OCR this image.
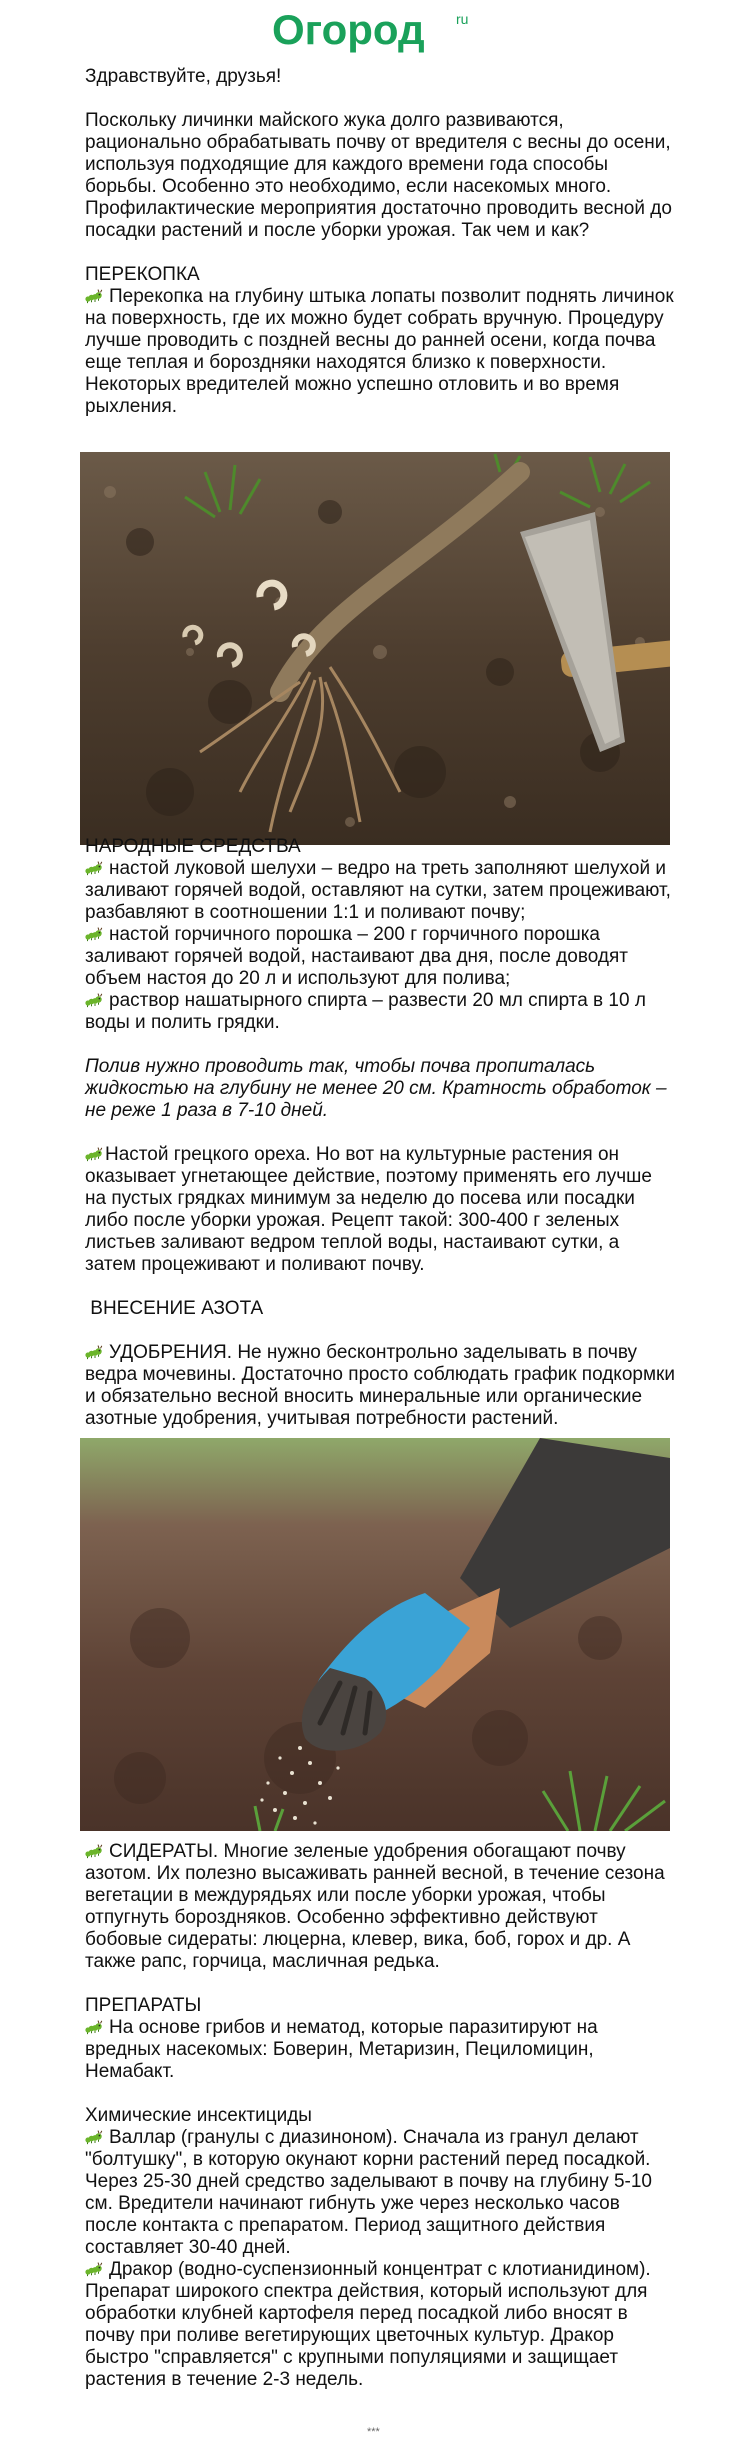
Огород ru

Здравствуйте, друзья!

Поскольку личинки майского жука долго развиваются, рационально обрабатывать почву от вредителя с весны до осени, используя подходящие для каждого времени года способы борьбы. Особенно это необходимо, если насекомых много. Профилактические мероприятия достаточно проводить весной до посадки растений и после уборки урожая. Так чем и как?

ПЕРЕКОПКА

Перекопка на глубину штыка лопаты позволит поднять личинок на поверхность, где их можно будет собрать вручную. Процедуру лучше проводить с поздней весны до ранней осени, когда почва еще теплая и бороздняки находятся близко к поверхности. Некоторых вредителей можно успешно отловить и во время рыхления.

НАРОДНЫЕ СРЕДСТВА

настой луковой шелухи – ведро на треть заполняют шелухой и заливают горячей водой, оставляют на сутки, затем процеживают, разбавляют в соотношении 1:1 и поливают почву;

настой горчичного порошка – 200 г горчичного порошка заливают горячей водой, настаивают два дня, после доводят объем настоя до 20 л и используют для полива;

раствор нашатырного спирта – развести 20 мл спирта в 10 л воды и полить грядки.

Полив нужно проводить так, чтобы почва пропиталась жидкостью на глубину не менее 20 см. Кратность обработок – не реже 1 раза в 7-10 дней.

Настой грецкого ореха. Но вот на культурные растения он оказывает угнетающее действие, поэтому применять его лучше на пустых грядках минимум за неделю до посева или посадки либо после уборки урожая. Рецепт такой: 300-400 г зеленых листьев заливают ведром теплой воды, настаивают сутки, а затем процеживают и поливают почву.

ВНЕСЕНИЕ АЗОТА

УДОБРЕНИЯ. Не нужно бесконтрольно заделывать в почву ведра мочевины. Достаточно просто соблюдать график подкормки и обязательно весной вносить минеральные или органические азотные удобрения, учитывая потребности растений.

СИДЕРАТЫ. Многие зеленые удобрения обогащают почву азотом. Их полезно высаживать ранней весной, в течение сезона вегетации в междурядьях или после уборки урожая, чтобы отпугнуть бороздняков. Особенно эффективно действуют бобовые сидераты: люцерна, клевер, вика, боб, горох и др. А также рапс, горчица, масличная редька.

ПРЕПАРАТЫ

На основе грибов и нематод, которые паразитируют на вредных насекомых: Боверин, Метаризин, Пециломицин, Немабакт.

Химические инсектициды

Валлар (гранулы с диазиноном). Сначала из гранул делают "болтушку", в которую окунают корни растений перед посадкой. Через 25-30 дней средство заделывают в почву на глубину 5-10 см. Вредители начинают гибнуть уже через несколько часов после контакта с препаратом. Период защитного действия составляет 30-40 дней.

Дракор (водно-суспензионный концентрат с клотианидином). Препарат широкого спектра действия, который используют для обработки клубней картофеля перед посадкой либо вносят в почву при поливе вегетирующих цветочных культур. Дракор быстро "справляется" с крупными популяциями и защищает растения в течение 2-3 недель.

***
